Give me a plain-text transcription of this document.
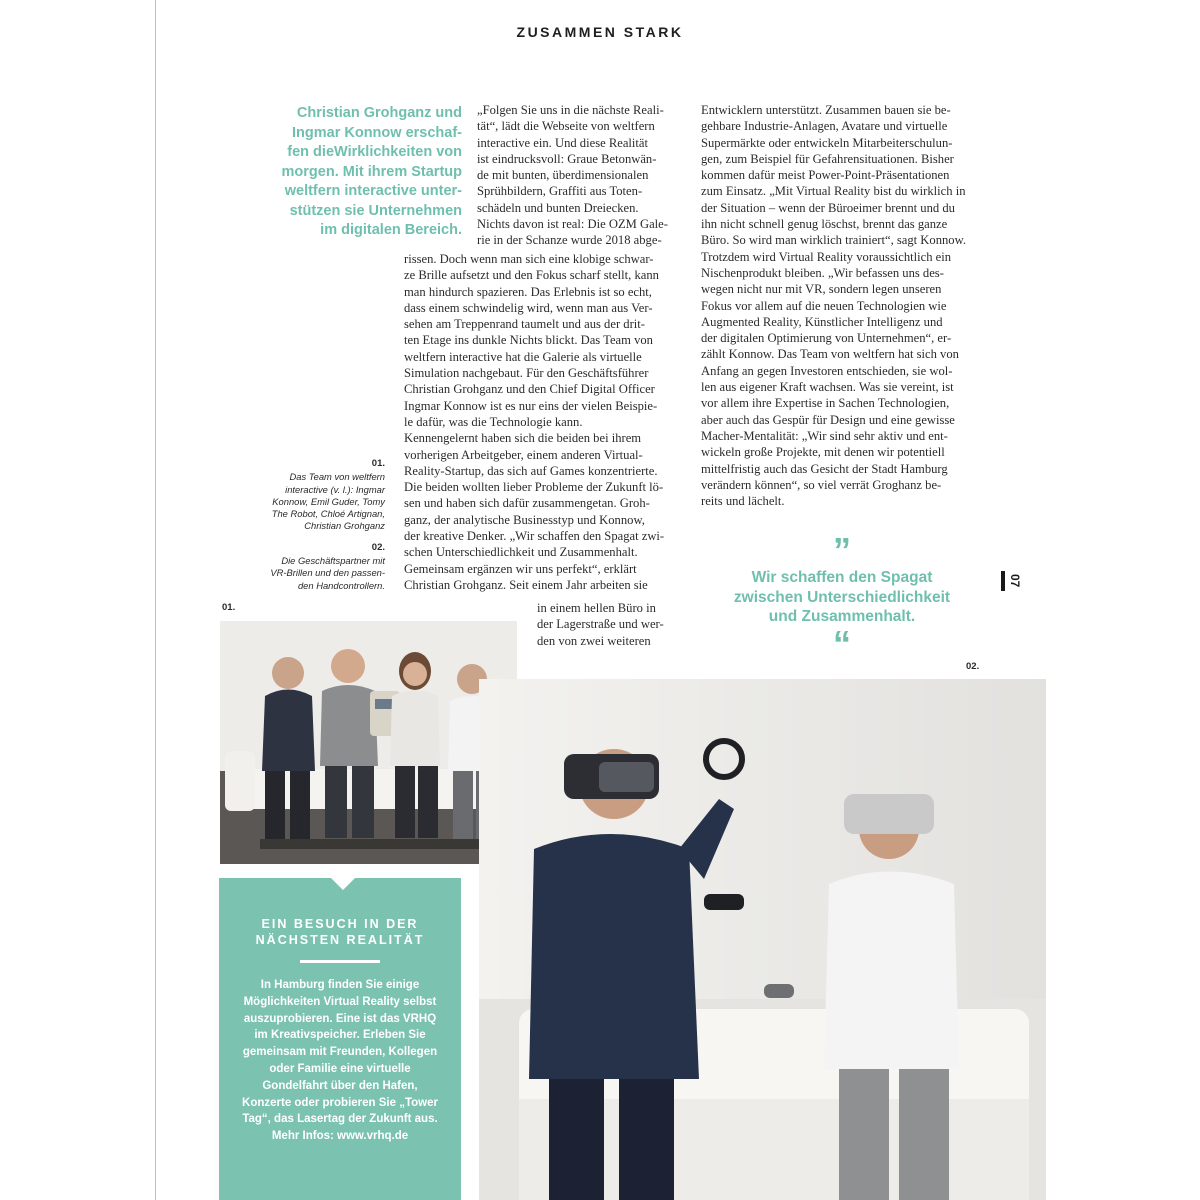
ZUSAMMEN STARK
Christian Grohganz und
Ingmar Konnow erschaf-
fen dieWirklichkeiten von
morgen. Mit ihrem Startup
weltfern interactive unter-
stützen sie Unternehmen
im digitalen Bereich.
„Folgen Sie uns in die nächste Reali-
tät“, lädt die Webseite von weltfern
interactive ein. Und diese Realität
ist eindrucksvoll: Graue Betonwän-
de mit bunten, überdimensionalen
Sprühbildern, Graffiti aus Toten-
schädeln und bunten Dreiecken.
Nichts davon ist real: Die OZM Gale-
rie in der Schanze wurde 2018 abge-
rissen. Doch wenn man sich eine klobige schwar-
ze Brille aufsetzt und den Fokus scharf stellt, kann
man hindurch spazieren. Das Erlebnis ist so echt,
dass einem schwindelig wird, wenn man aus Ver-
sehen am Treppenrand taumelt und aus der drit-
ten Etage ins dunkle Nichts blickt. Das Team von
weltfern interactive hat die Galerie als virtuelle
Simulation nachgebaut. Für den Geschäftsführer
Christian Grohganz und den Chief Digital Officer
Ingmar Konnow ist es nur eins der vielen Beispie-
le dafür, was die Technologie kann.
Kennengelernt haben sich die beiden bei ihrem
vorherigen Arbeitgeber, einem anderen Virtual-
Reality-Startup, das sich auf Games konzentrierte.
Die beiden wollten lieber Probleme der Zukunft lö-
sen und haben sich dafür zusammengetan. Groh-
ganz, der analytische Businesstyp und Konnow,
der kreative Denker. „Wir schaffen den Spagat zwi-
schen Unterschiedlichkeit und Zusammenhalt.
Gemeinsam ergänzen wir uns perfekt“, erklärt
Christian Grohganz. Seit einem Jahr arbeiten sie
in einem hellen Büro in
der Lagerstraße und wer-
den von zwei weiteren
Entwicklern unterstützt. Zusammen bauen sie be-
gehbare Industrie-Anlagen, Avatare und virtuelle
Supermärkte oder entwickeln Mitarbeiterschulun-
gen, zum Beispiel für Gefahrensituationen. Bisher
kommen dafür meist Power-Point-Präsentationen
zum Einsatz. „Mit Virtual Reality bist du wirklich in
der Situation – wenn der Büroeimer brennt und du
ihn nicht schnell genug löschst, brennt das ganze
Büro. So wird man wirklich trainiert“, sagt Konnow.
Trotzdem wird Virtual Reality voraussichtlich ein
Nischenprodukt bleiben. „Wir befassen uns des-
wegen nicht nur mit VR, sondern legen unseren
Fokus vor allem auf die neuen Technologien wie
Augmented Reality, Künstlicher Intelligenz und
der digitalen Optimierung von Unternehmen“, er-
zählt Konnow. Das Team von weltfern hat sich von
Anfang an gegen Investoren entschieden, sie wol-
len aus eigener Kraft wachsen. Was sie vereint, ist
vor allem ihre Expertise in Sachen Technologien,
aber auch das Gespür für Design und eine gewisse
Macher-Mentalität: „Wir sind sehr aktiv und ent-
wickeln große Projekte, mit denen wir potentiell
mittelfristig auch das Gesicht der Stadt Hamburg
verändern können“, so viel verrät Groghanz be-
reits und lächelt.
01.
Das Team von weltfern
interactive (v. l.): Ingmar
Konnow, Emil Guder, Tomy
The Robot, Chloé Artignan,
Christian Grohganz
02.
Die Geschäftspartner mit
VR-Brillen und den passen-
den Handcontrollern.
01.
02.
”
Wir schaffen den Spagat
zwischen Unterschiedlichkeit
und Zusammenhalt.
“
07
EIN BESUCH IN DER
NÄCHSTEN REALITÄT
In Hamburg finden Sie einige
Möglichkeiten Virtual Reality selbst
auszuprobieren. Eine ist das VRHQ
im Kreativspeicher. Erleben Sie
gemeinsam mit Freunden, Kollegen
oder Familie eine virtuelle
Gondelfahrt über den Hafen,
Konzerte oder probieren Sie „Tower
Tag“, das Lasertag der Zukunft aus.
Mehr Infos: www.vrhq.de
